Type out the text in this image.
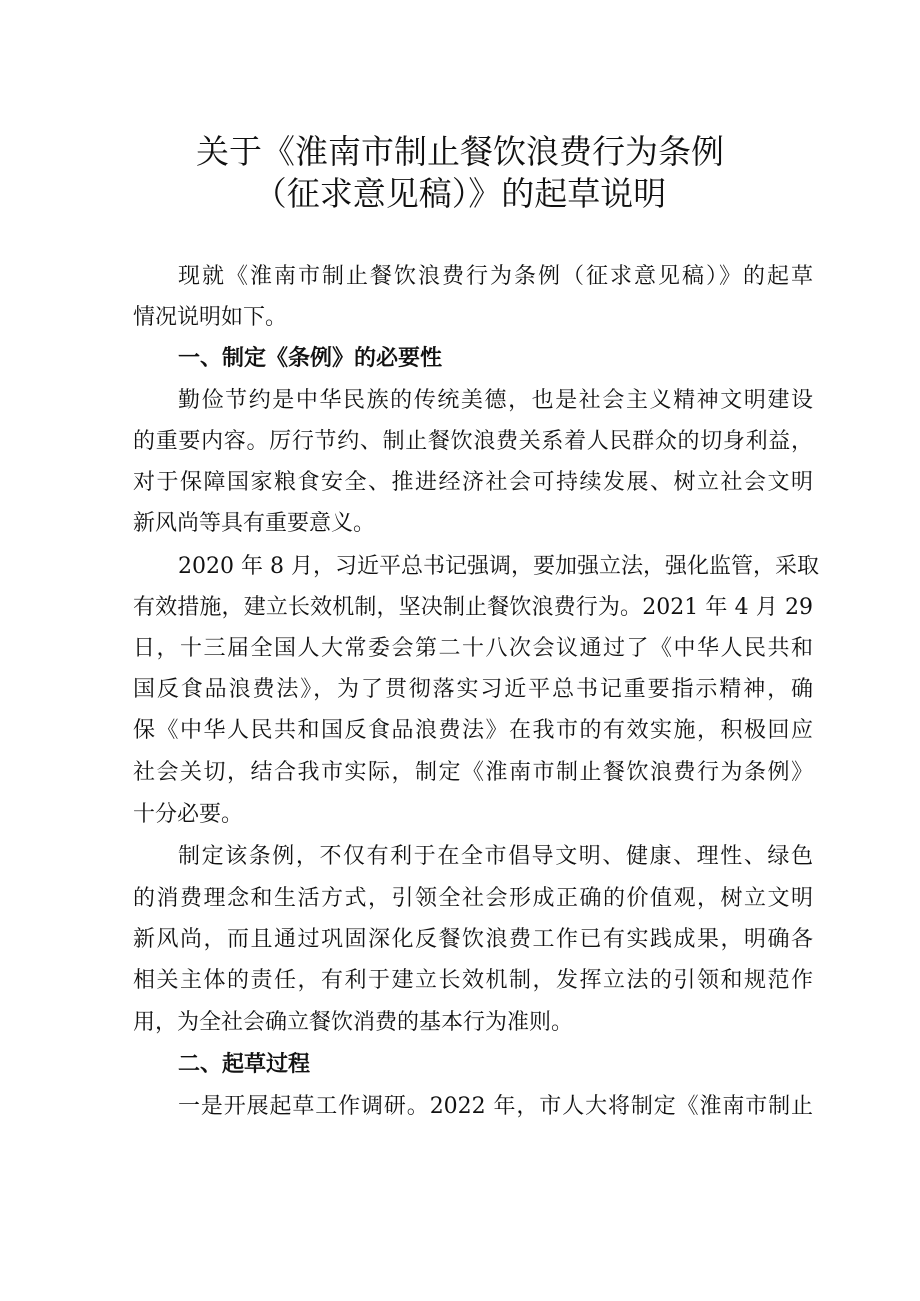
关于《淮南市制止餐饮浪费行为条例
（征求意见稿）》的起草说明

现就《淮南市制止餐饮浪费行为条例（征求意见稿）》的起草

情况说明如下。

一、制定《条例》的必要性

勤俭节约是中华民族的传统美德，也是社会主义精神文明建设

的重要内容。厉行节约、制止餐饮浪费关系着人民群众的切身利益，

对于保障国家粮食安全、推进经济社会可持续发展、树立社会文明

新风尚等具有重要意义。

2020 年 8 月，习近平总书记强调，要加强立法，强化监管，采取

有效措施，建立长效机制，坚决制止餐饮浪费行为。2021 年 4 月 29

日，十三届全国人大常委会第二十八次会议通过了《中华人民共和

国反食品浪费法》，为了贯彻落实习近平总书记重要指示精神，确

保《中华人民共和国反食品浪费法》在我市的有效实施，积极回应

社会关切，结合我市实际，制定《淮南市制止餐饮浪费行为条例》

十分必要。

制定该条例，不仅有利于在全市倡导文明、健康、理性、绿色

的消费理念和生活方式，引领全社会形成正确的价值观，树立文明

新风尚，而且通过巩固深化反餐饮浪费工作已有实践成果，明确各

相关主体的责任，有利于建立长效机制，发挥立法的引领和规范作

用，为全社会确立餐饮消费的基本行为准则。

二、起草过程

一是开展起草工作调研。2022 年，市人大将制定《淮南市制止
